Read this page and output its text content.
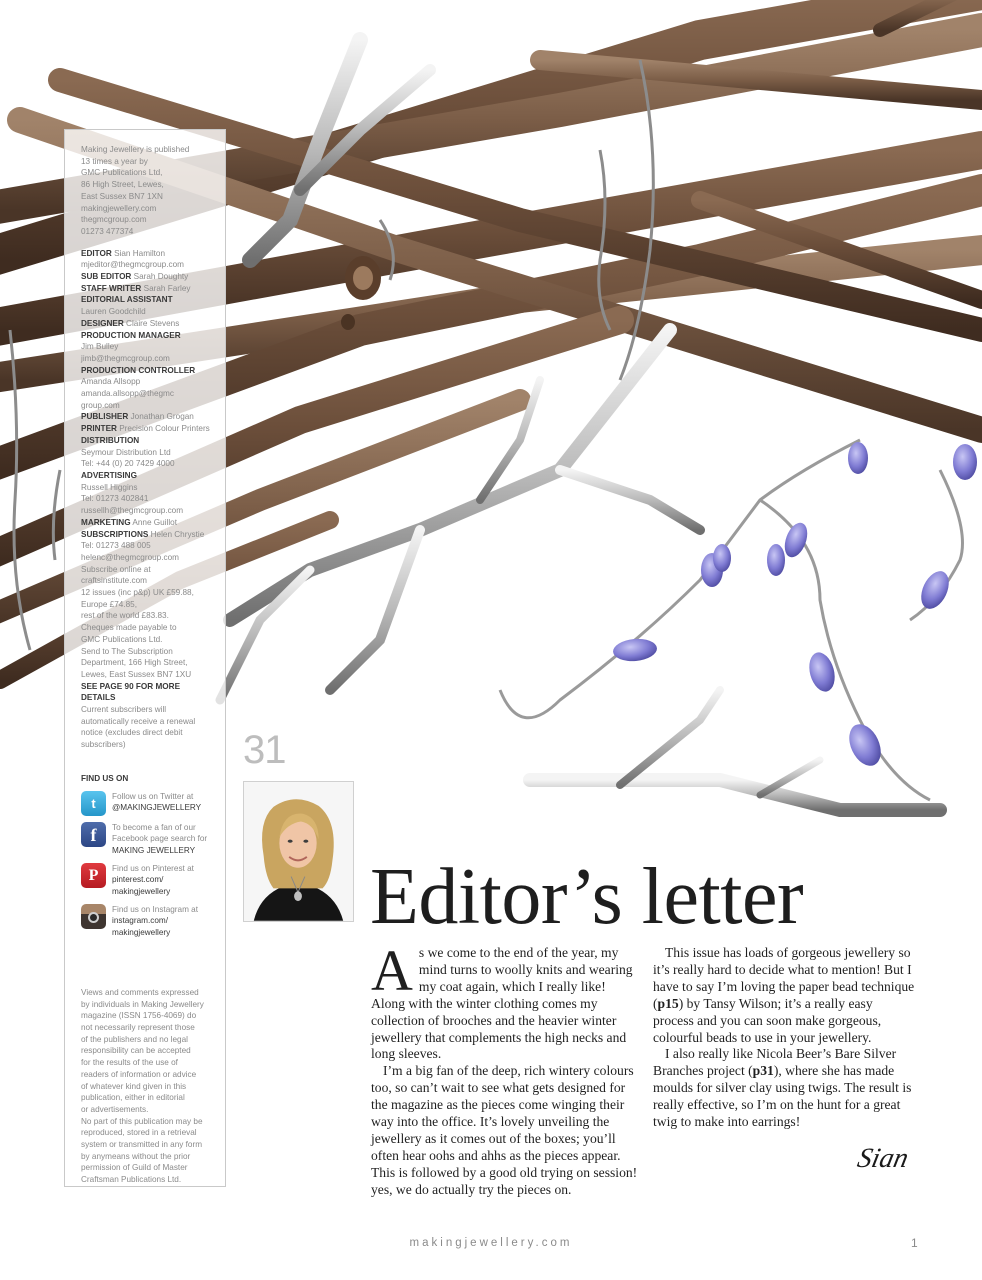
Making Jewellery is published
13 times a year by
GMC Publications Ltd,
86 High Street, Lewes,
East Sussex BN7 1XN
makingjewellery.com
thegmcgroup.com
01273 477374
EDITOR Sian Hamilton
mjeditor@thegmcgroup.com
SUB EDITOR Sarah Doughty
STAFF WRITER Sarah Farley
EDITORIAL ASSISTANT
Lauren Goodchild
DESIGNER Claire Stevens
PRODUCTION MANAGER
Jim Bulley
jimb@thegmcgroup.com
PRODUCTION CONTROLLER
Amanda Allsopp
amanda.allsopp@thegmc
group.com
PUBLISHER Jonathan Grogan
PRINTER Precision Colour Printers
DISTRIBUTION
Seymour Distribution Ltd
Tel: +44 (0) 20 7429 4000
ADVERTISING
Russell Higgins
Tel: 01273 402841
russellh@thegmcgroup.com
MARKETING Anne Guillot
SUBSCRIPTIONS Helen Chrystie
Tel: 01273 488 005
helenc@thegmcgroup.com
Subscribe online at
craftsinstitute.com
12 issues (inc p&p) UK £59.88,
Europe £74.85,
rest of the world £83.83.
Cheques made payable to
GMC Publications Ltd.
Send to The Subscription
Department, 166 High Street,
Lewes, East Sussex BN7 1XU
SEE PAGE 90 FOR MORE
DETAILS
Current subscribers will
automatically receive a renewal
notice (excludes direct debit
subscribers)

FIND US ON

t	Follow us on Twitter at
@MAKINGJEWELLERY
f	To become a fan of our
Facebook page search for
MAKING JEWELLERY
P	Find us on Pinterest at
pinterest.com/
makingjewellery
Find us on Instagram at
instagram.com/
makingjewellery
Views and comments expressed
by individuals in Making Jewellery
magazine (ISSN 1756-4069) do
not necessarily represent those
of the publishers and no legal
responsibility can be accepted
for the results of the use of
readers of information or advice
of whatever kind given in this
publication, either in editorial
or advertisements.
No part of this publication may be
reproduced, stored in a retrieval
system or transmitted in any form
by anymeans without the prior
permission of Guild of Master
Craftsman Publications Ltd.
31
Editor’s letter

As we come to the end of the year, my mind turns to woolly knits and wearing my coat again, which I really like! Along with the winter clothing comes my collection of brooches and the heavier winter jewellery that complements the high necks and long sleeves.

I’m a big fan of the deep, rich wintery colours too, so can’t wait to see what gets designed for the magazine as the pieces come winging their way into the office. It’s lovely unveiling the jewellery as it comes out of the boxes; you’ll often hear oohs and ahhs as the pieces appear. This is followed by a good old trying on session! yes, we do actually try the pieces on.

This issue has loads of gorgeous jewellery so it’s really hard to decide what to mention! But I have to say I’m loving the paper bead technique (p15) by Tansy Wilson; it’s a really easy process and you can soon make gorgeous, colourful beads to use in your jewellery.

I also really like Nicola Beer’s Bare Silver Branches project (p31), where she has made moulds for silver clay using twigs. The result is really effective, so I’m on the hunt for a great twig to make into earrings!

Sian
makingjewellery.com	1
